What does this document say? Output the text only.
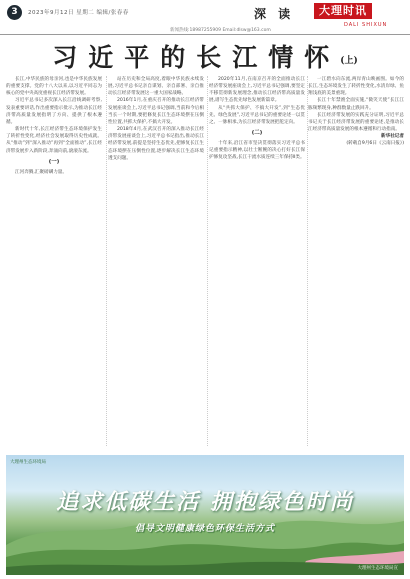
3	2023年9月12日 星期二 编辑/张春春	深 读	大理时讯
DALI SHIXUN
新闻热线:18987255909 Email:dlsw@163.com
习近平的长江情怀(上)

长江,中华民族的母亲河,也是中华民族发展的重要支撑。党的十八大以来,以习近平同志为核心的党中央高度重视长江经济带发展。

习近平总书记多次深入长江沿线调研考察,发表重要讲话,作出重要指示批示,为推动长江经济带高质量发展指明了方向、提供了根本遵循。

新时代十年,长江经济带生态环境保护发生了转折性变化,经济社会发展取得历史性成就。从“推动”到“深入推动”再到“全面推动”,长江经济带发展步入新阶段,奔涌向前,滚滚东流。

(一)

江河奔腾,汇聚磅礴力量。

站在历史和全局高度,着眼中华民族永续发展,习近平总书记亲自谋划、亲自部署、亲自推动长江经济带发展这一重大国家战略。

2016年1月,在重庆召开的推动长江经济带发展座谈会上,习近平总书记强调,当前和今后相当长一个时期,要把修复长江生态环境摆在压倒性位置,共抓大保护,不搞大开发。

2018年4月,在武汉召开的深入推动长江经济带发展座谈会上,习近平总书记指出,推动长江经济带发展,前提是坚持生态优先,把修复长江生态环境摆在压倒性位置,逐步解决长江生态环境透支问题。

2020年11月,在南京召开的全面推动长江经济带发展座谈会上,习近平总书记强调,要坚定不移贯彻新发展理念,推动长江经济带高质量发展,谱写生态优先绿色发展新篇章。

从“共抓大保护、不搞大开发”,到“生态优先、绿色发展”,习近平总书记的重要论述一以贯之、一脉相承,为长江经济带发展把舵定向。

(二)

十年来,沿江省市坚决贯彻落实习近平总书记重要指示精神,以壮士断腕的决心打好长江保护修复攻坚战,长江干流水质连续三年保持Ⅱ类。

一江碧水向东流,两岸青山映画图。如今的长江,生态环境发生了转折性变化,水清岸绿、鱼翔浅底的美景重现。

长江十年禁渔全面实施,“微笑天使”长江江豚频繁现身,种群数量止跌回升。

长江经济带发展的实践充分证明,习近平总书记关于长江经济带发展的重要论述,是推动长江经济带高质量发展的根本遵循和行动指南。

新华社记者

(转载自9月6日《云南日报》)

大理州生态环境局
追求低碳生活 拥抱绿色时尚
倡导文明健康绿色环保生活方式
大理州生态环境局宣
